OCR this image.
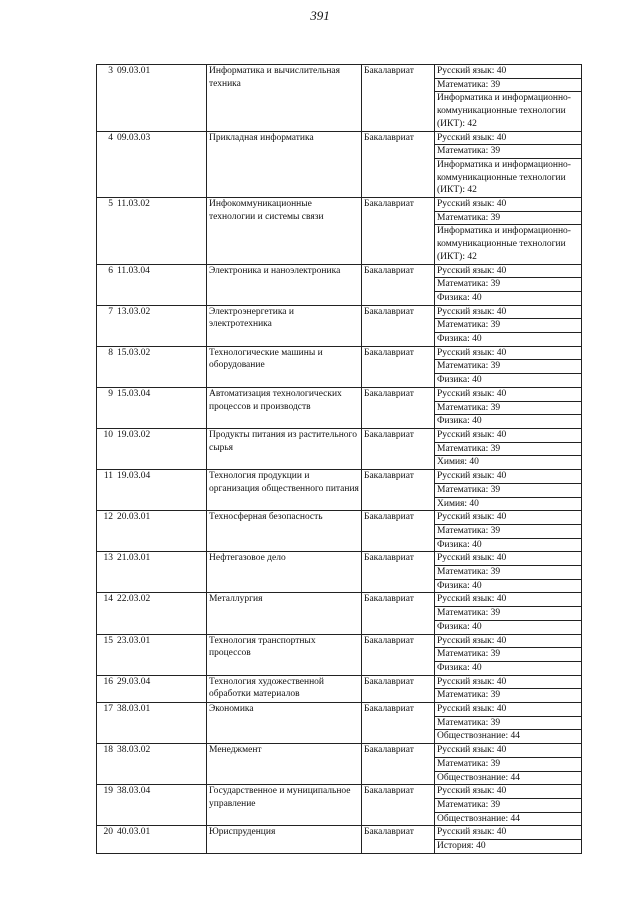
391
3	09.03.01	Информатика и вычислительная техника	Бакалавриат	Русский язык: 40
				Математика: 39
				Информатика и информационно-коммуникационные технологии (ИКТ): 42
4	09.03.03	Прикладная информатика	Бакалавриат	Русский язык: 40
				Математика: 39
				Информатика и информационно-коммуникационные технологии (ИКТ): 42
5	11.03.02	Инфокоммуникационные технологии и системы связи	Бакалавриат	Русский язык: 40
				Математика: 39
				Информатика и информационно-коммуникационные технологии (ИКТ): 42
6	11.03.04	Электроника и наноэлектроника	Бакалавриат	Русский язык: 40
				Математика: 39
				Физика: 40
7	13.03.02	Электроэнергетика и электротехника	Бакалавриат	Русский язык: 40
				Математика: 39
				Физика: 40
8	15.03.02	Технологические машины и оборудование	Бакалавриат	Русский язык: 40
				Математика: 39
				Физика: 40
9	15.03.04	Автоматизация технологических процессов и производств	Бакалавриат	Русский язык: 40
				Математика: 39
				Физика: 40
10	19.03.02	Продукты питания из растительного сырья	Бакалавриат	Русский язык: 40
				Математика: 39
				Химия: 40
11	19.03.04	Технология продукции и организация общественного питания	Бакалавриат	Русский язык: 40
				Математика: 39
				Химия: 40
12	20.03.01	Техносферная безопасность	Бакалавриат	Русский язык: 40
				Математика: 39
				Физика: 40
13	21.03.01	Нефтегазовое дело	Бакалавриат	Русский язык: 40
				Математика: 39
				Физика: 40
14	22.03.02	Металлургия	Бакалавриат	Русский язык: 40
				Математика: 39
				Физика: 40
15	23.03.01	Технология транспортных процессов	Бакалавриат	Русский язык: 40
				Математика: 39
				Физика: 40
16	29.03.04	Технология художественной обработки материалов	Бакалавриат	Русский язык: 40
				Математика: 39
17	38.03.01	Экономика	Бакалавриат	Русский язык: 40
				Математика: 39
				Обществознание: 44
18	38.03.02	Менеджмент	Бакалавриат	Русский язык: 40
				Математика: 39
				Обществознание: 44
19	38.03.04	Государственное и муниципальное управление	Бакалавриат	Русский язык: 40
				Математика: 39
				Обществознание: 44
20	40.03.01	Юриспруденция	Бакалавриат	Русский язык: 40
				История: 40
